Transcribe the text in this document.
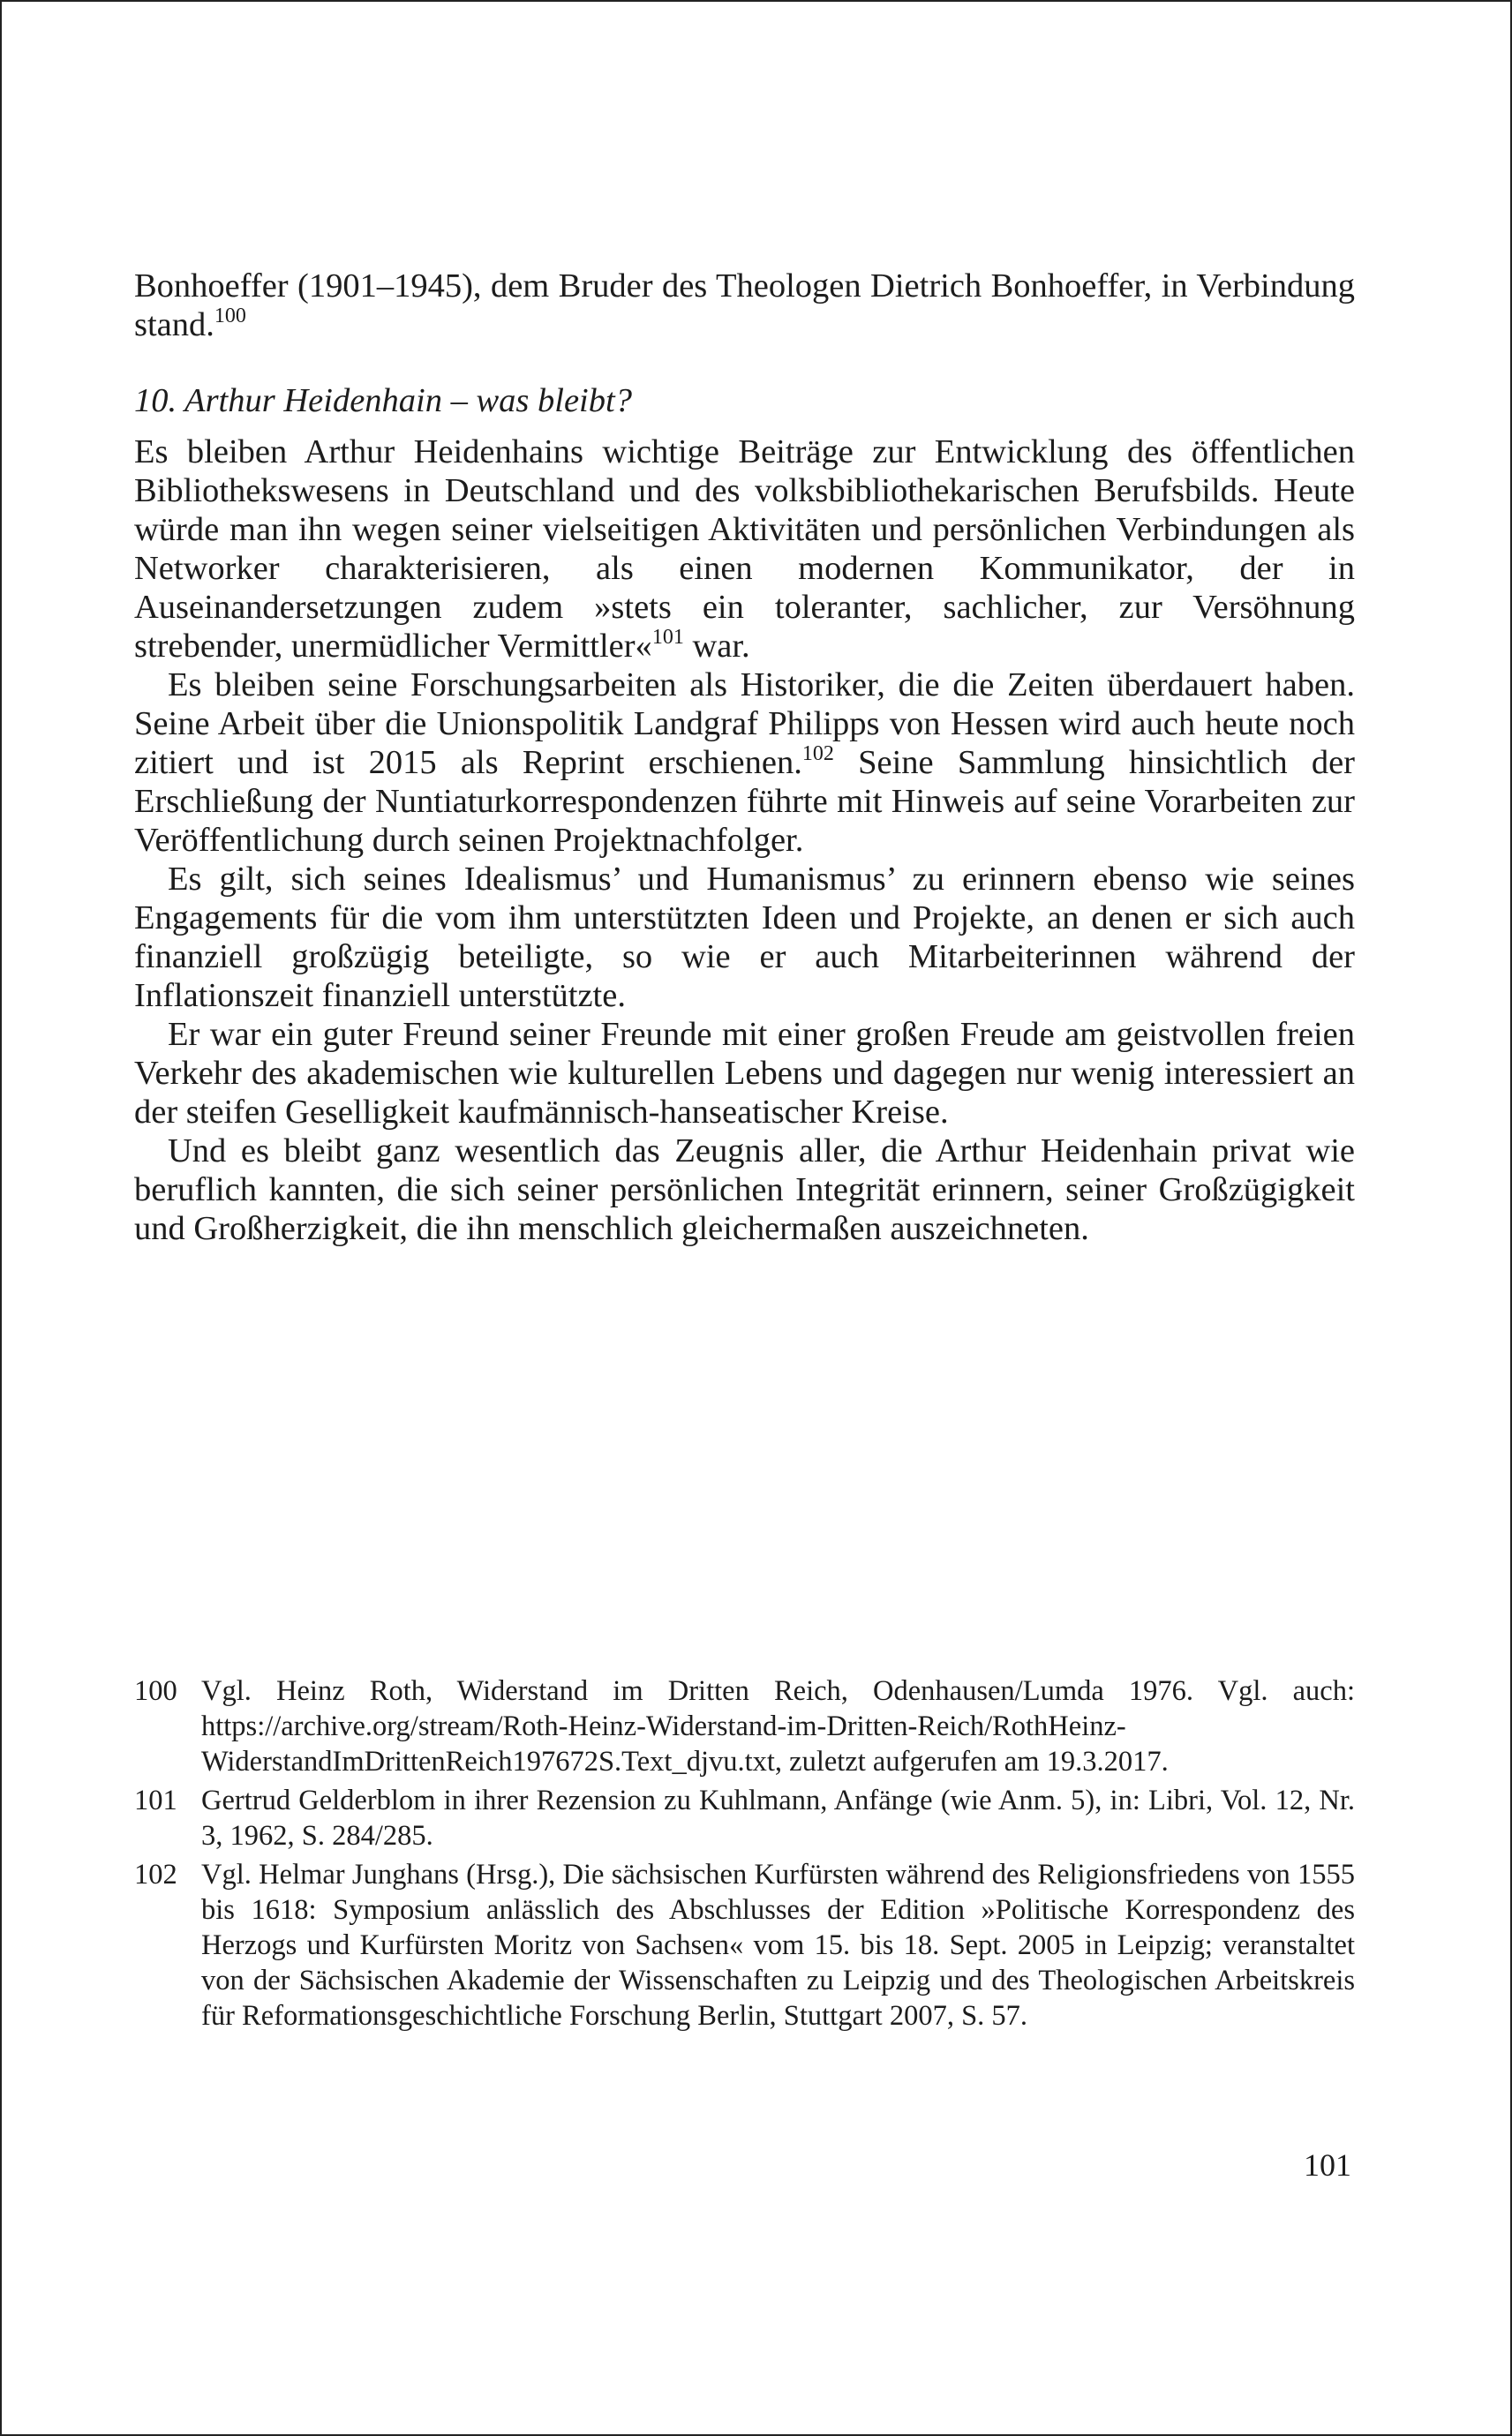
Bonhoeffer (1901–1945), dem Bruder des Theologen Dietrich Bonhoeffer, in Verbindung stand.$^{100}$

10. Arthur Heidenhain – was bleibt?

Es bleiben Arthur Heidenhains wichtige Beiträge zur Entwicklung des öffentlichen Bibliothekswesens in Deutschland und des volksbibliothekarischen Berufsbilds. Heute würde man ihn wegen seiner vielseitigen Aktivitäten und persönlichen Verbindungen als Networker charakterisieren, als einen modernen Kommunikator, der in Auseinandersetzungen zudem »stets ein toleranter, sachlicher, zur Versöhnung strebender, unermüdlicher Vermittler«$^{101}$ war.

Es bleiben seine Forschungsarbeiten als Historiker, die die Zeiten überdauert haben. Seine Arbeit über die Unionspolitik Landgraf Philipps von Hessen wird auch heute noch zitiert und ist 2015 als Reprint erschienen.$^{102}$ Seine Sammlung hinsichtlich der Erschließung der Nuntiaturkorrespondenzen führte mit Hinweis auf seine Vorarbeiten zur Veröffentlichung durch seinen Projektnachfolger.

Es gilt, sich seines Idealismus’ und Humanismus’ zu erinnern ebenso wie seines Engagements für die vom ihm unterstützten Ideen und Projekte, an denen er sich auch finanziell großzügig beteiligte, so wie er auch Mitarbeiterinnen während der Inflationszeit finanziell unterstützte.

Er war ein guter Freund seiner Freunde mit einer großen Freude am geistvollen freien Verkehr des akademischen wie kulturellen Lebens und dagegen nur wenig interessiert an der steifen Geselligkeit kaufmännisch-hanseatischer Kreise.

Und es bleibt ganz wesentlich das Zeugnis aller, die Arthur Heidenhain privat wie beruflich kannten, die sich seiner persönlichen Integrität erinnern, seiner Großzügigkeit und Großherzigkeit, die ihn menschlich gleichermaßen auszeichneten.

100 Vgl. Heinz Roth, Widerstand im Dritten Reich, Odenhausen/Lumda 1976. Vgl. auch: https://archive.org/stream/Roth-Heinz-Widerstand-im-Dritten-Reich/RothHeinz-WiderstandImDrittenReich197672S.Text_djvu.txt, zuletzt aufgerufen am 19.3.2017.
101 Gertrud Gelderblom in ihrer Rezension zu Kuhlmann, Anfänge (wie Anm. 5), in: Libri, Vol. 12, Nr. 3, 1962, S. 284/285.
102 Vgl. Helmar Junghans (Hrsg.), Die sächsischen Kurfürsten während des Religionsfriedens von 1555 bis 1618: Symposium anlässlich des Abschlusses der Edition »Politische Korrespondenz des Herzogs und Kurfürsten Moritz von Sachsen« vom 15. bis 18. Sept. 2005 in Leipzig; veranstaltet von der Sächsischen Akademie der Wissenschaften zu Leipzig und des Theologischen Arbeitskreis für Reformationsgeschichtliche Forschung Berlin, Stuttgart 2007, S. 57.
101
